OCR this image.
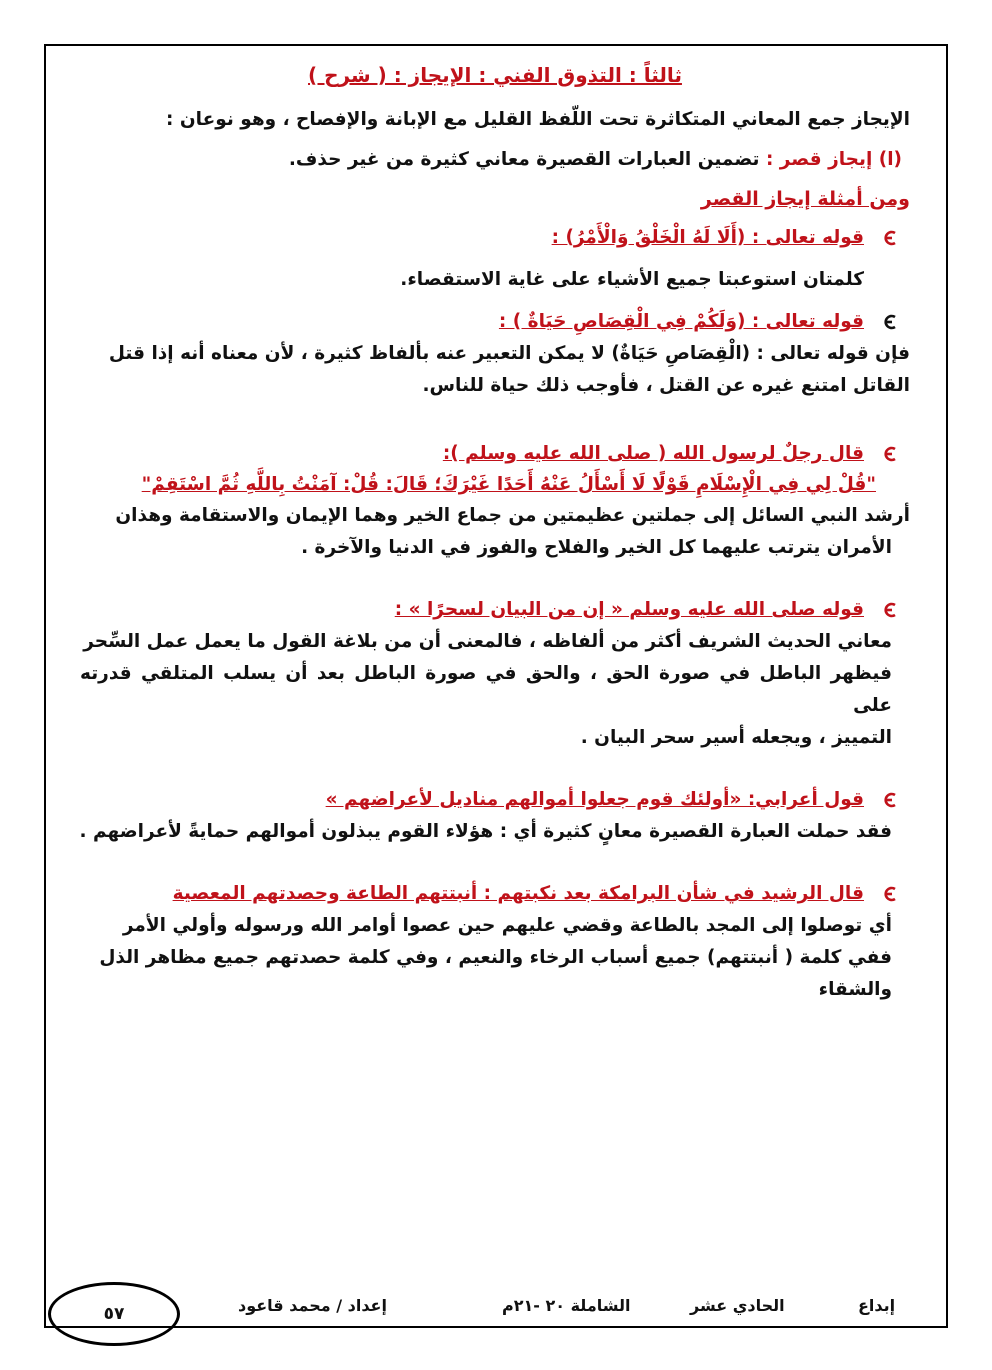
ثالثاً : التذوق الفني : الإيجاز : ( شرح )

الإيجاز جمع المعاني المتكاثرة تحت اللّفظ القليل مع الإبانة والإفصاح ، وهو نوعان :

(ا) إيجاز قصر : تضمين العبارات القصيرة معاني كثيرة من غير حذف.

ومن أمثلة إيجاز القصر

قوله تعالى : (أَلَا لَهُ الْخَلْقُ وَالْأَمْرُ) :

كلمتان استوعبتا جميع الأشياء على غاية الاستقصاء.

قوله تعالى : (وَلَكُمْ فِي الْقِصَاصِ حَيَاةٌ ) :

فإن قوله تعالى : (الْقِصَاصِ حَيَاةٌ) لا يمكن التعبير عنه بألفاظ كثيرة ، لأن معناه أنه إذا قتل

القاتل امتنع غيره عن القتل ، فأوجب ذلك حياة للناس.

قال رجلٌ لرسول الله ( صلى الله عليه وسلم ):

"قُلْ لِي فِي الْإِسْلَامِ قَوْلًا لَا أَسْأَلُ عَنْهُ أَحَدًا غَيْرَكَ؛ قَالَ: قُلْ: آمَنْتُ بِاللَّهِ ثُمَّ اسْتَقِمْ"

أرشد النبي السائل إلى جملتين عظيمتين من جماع الخير وهما الإيمان والاستقامة وهذان

الأمران يترتب عليهما كل الخير والفلاح والفوز في الدنيا والآخرة .

قوله صلى الله عليه وسلم « إن من البيان لسحرًا » :

معاني الحديث الشريف أكثر من ألفاظه ، فالمعنى أن من بلاغة القول ما يعمل عمل السِّحر

فيظهر الباطل في صورة الحق ، والحق في صورة الباطل بعد أن يسلب المتلقي قدرته على

التمييز ، ويجعله أسير سحر البيان .

قول أعرابي: «أولئك قوم جعلوا أموالهم مناديل لأعراضهم »

فقد حملت العبارة القصيرة معانٍ كثيرة أي : هؤلاء القوم يبذلون أموالهم حمايةً لأعراضهم .

قال الرشيد في شأن البرامكة بعد نكبتهم : أنبتتهم الطاعة وحصدتهم المعصية

أي توصلوا إلى المجد بالطاعة وقضي عليهم حين عصوا أوامر الله ورسوله وأولي الأمر

ففي كلمة ( أنبتتهم) جميع أسباب الرخاء والنعيم ، وفي كلمة حصدتهم جميع مظاهر الذل

والشقاء

إبداع
الحادي عشر
الشاملة ٢٠ -٢١م
إعداد / محمد قاعود
٥٧
